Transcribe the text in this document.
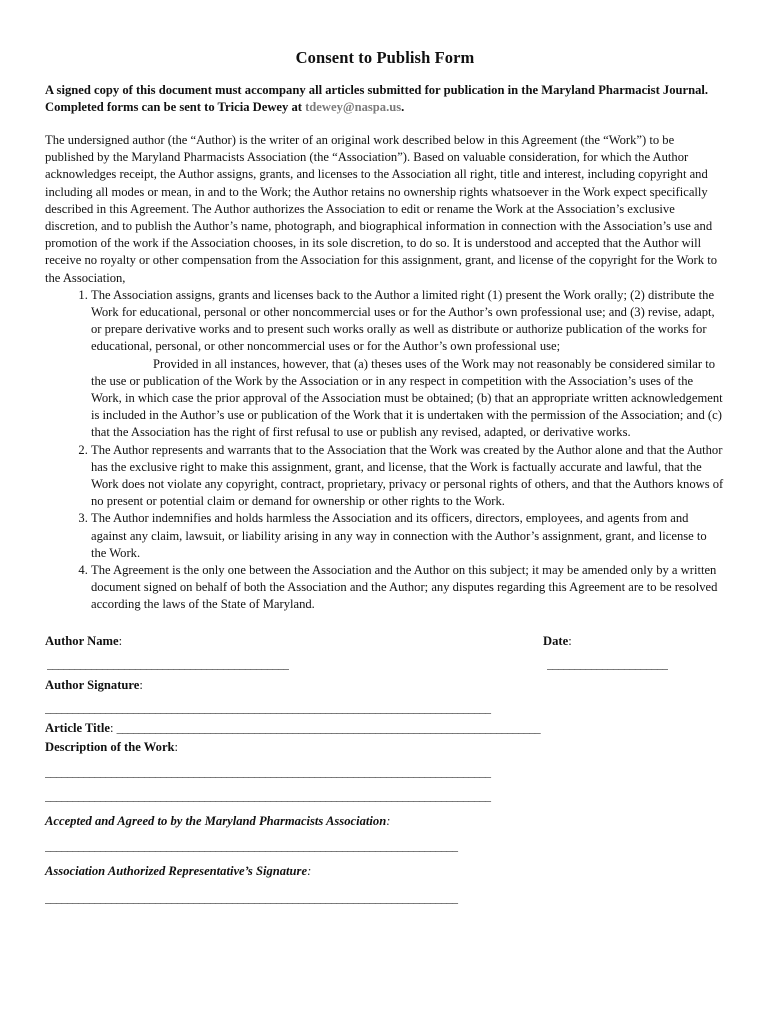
Consent to Publish Form

A signed copy of this document must accompany all articles submitted for publication in the Maryland Pharmacist Journal. Completed forms can be sent to Tricia Dewey at tdewey@naspa.us.

The undersigned author (the “Author) is the writer of an original work described below in this Agreement (the “Work”) to be published by the Maryland Pharmacists Association (the “Association”). Based on valuable consideration, for which the Author acknowledges receipt, the Author assigns, grants, and licenses to the Association all right, title and interest, including copyright and including all modes or mean, in and to the Work; the Author retains no ownership rights whatsoever in the Work expect specifically described in this Agreement. The Author authorizes the Association to edit or rename the Work at the Association’s exclusive discretion, and to publish the Author’s name, photograph, and biographical information in connection with the Association’s use and promotion of the work if the Association chooses, in its sole discretion, to do so. It is understood and accepted that the Author will receive no royalty or other compensation from the Association for this assignment, grant, and license of the copyright for the Work to the Association,

1. The Association assigns, grants and licenses back to the Author a limited right (1) present the Work orally; (2) distribute the Work for educational, personal or other noncommercial uses or for the Author’s own professional use; and (3) revise, adapt, or prepare derivative works and to present such works orally as well as distribute or authorize publication of the works for educational, personal, or other noncommercial uses or for the Author’s own professional use;
Provided in all instances, however, that (a) theses uses of the Work may not reasonably be considered similar to the use or publication of the Work by the Association or in any respect in competition with the Association’s uses of the Work, in which case the prior approval of the Association must be obtained; (b) that an appropriate written acknowledgement is included in the Author’s use or publication of the Work that it is undertaken with the permission of the Association; and (c) that the Association has the right of first refusal to use or publish any revised, adapted, or derivative works.
2. The Author represents and warrants that to the Association that the Work was created by the Author alone and that the Author has the exclusive right to make this assignment, grant, and license, that the Work is factually accurate and lawful, that the Work does not violate any copyright, contract, proprietary, privacy or personal rights of others, and that the Authors knows of no present or potential claim or demand for ownership or other rights to the Work.
3. The Author indemnifies and holds harmless the Association and its officers, directors, employees, and agents from and against any claim, lawsuit, or liability arising in any way in connection with the Author’s assignment, grant, and license to the Work.
4. The Agreement is the only one between the Association and the Author on this subject; it may be amended only by a written document signed on behalf of both the Association and the Author; any disputes regarding this Agreement are to be resolved according the laws of the State of Maryland.
Author Name:	Date:
____________________________________________	______________________
Author Signature:
_________________________________________________________________________________
Article Title: _____________________________________________________________________________
Description of the Work:
_________________________________________________________________________________
_________________________________________________________________________________
Accepted and Agreed to by the Maryland Pharmacists Association:
___________________________________________________________________________
Association Authorized Representative’s Signature:
___________________________________________________________________________
